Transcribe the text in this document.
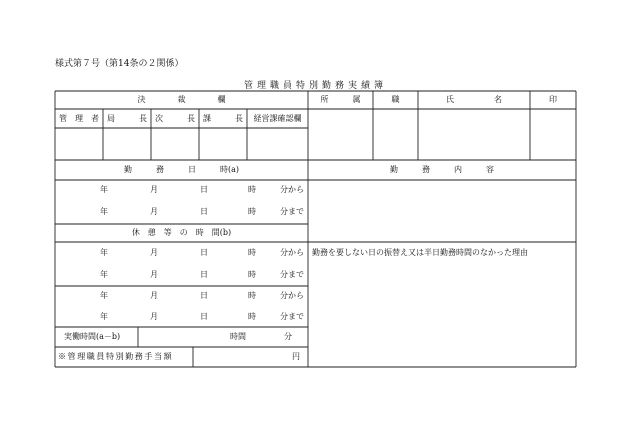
様式第７号（第14条の２関係）
管理職員特別勤務実績簿
決　　　　裁　　　　欄
管　理　者	局　　　長	次　　　長	課　　　長	経営課確認欄
所　　　属	職	氏　　　　　名	印
勤　　　務　　　日　　　時(a)	勤　　　務　　　内　　　容
年	月	日	時	分から
年	月	日	時	分まで
休　憩　等　の　時　間(b)
年	月	日	時	分から
年	月	日	時	分まで
年	月	日	時	分から
年	月	日	時	分まで
勤務を要しない日の振替え又は半日勤務時間のなかった理由
実働時間(a－b)	時間	分
※管理職員特別勤務手当額	円
